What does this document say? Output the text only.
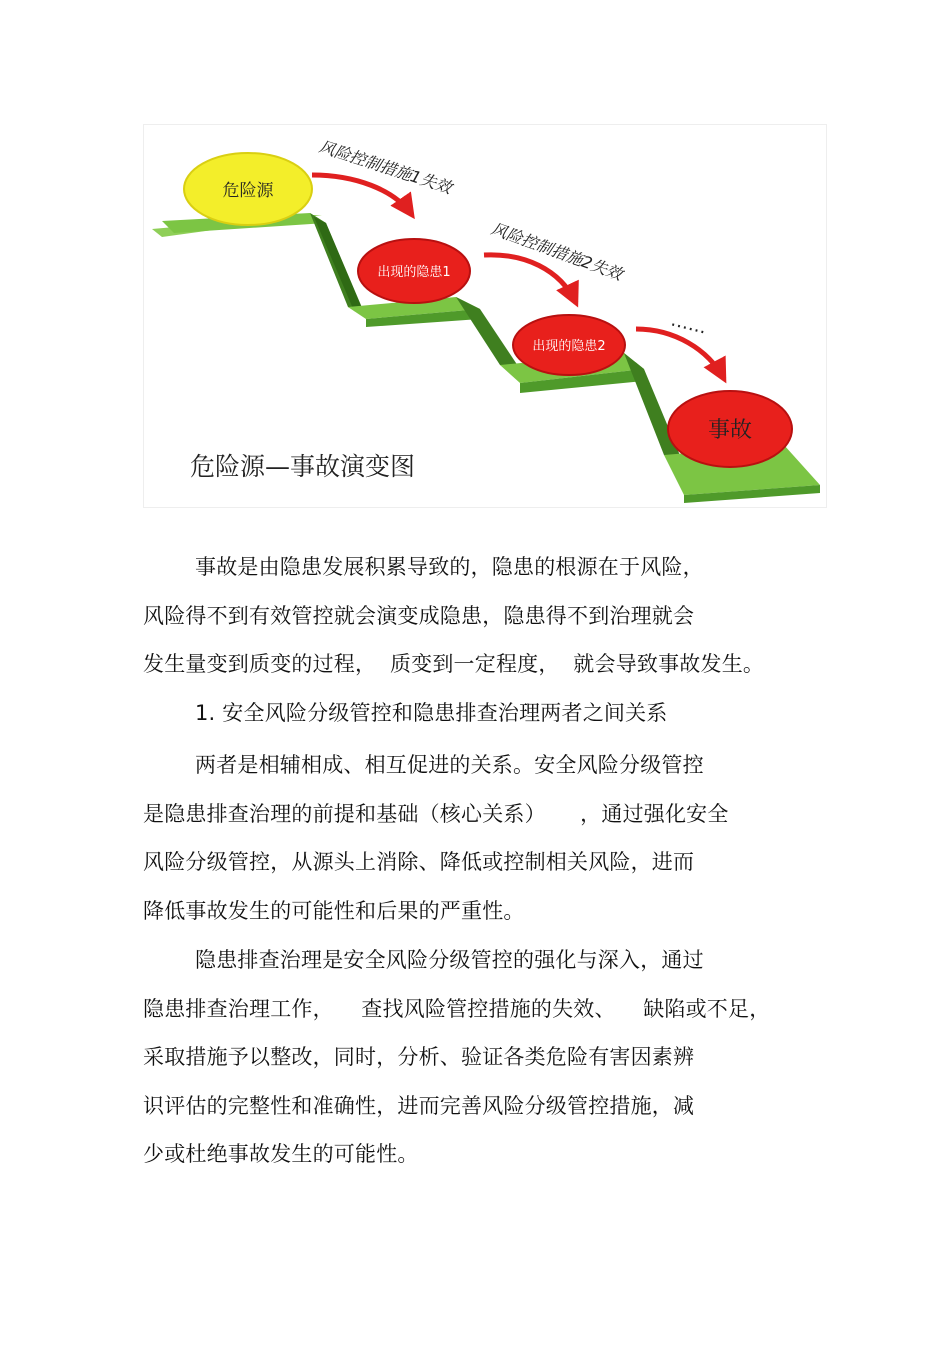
危险源
出现的隐患1
出现的隐患2
事故
风险控制措施1失效
风险控制措施2失效
……
危险源—事故演变图
事故是由隐患发展积累导致的，隐患的根源在于风险，
风险得不到有效管控就会演变成隐患，隐患得不到治理就会
发生量变到质变的过程，  质变到一定程度，  就会导致事故发生。
1. 安全风险分级管控和隐患排查治理两者之间关系
两者是相辅相成、相互促进的关系。安全风险分级管控
是隐患排查治理的前提和基础（核心关系）     ，通过强化安全
风险分级管控，从源头上消除、降低或控制相关风险，进而
降低事故发生的可能性和后果的严重性。
隐患排查治理是安全风险分级管控的强化与深入，通过
隐患排查治理工作，    查找风险管控措施的失效、    缺陷或不足，
采取措施予以整改，同时，分析、验证各类危险有害因素辨
识评估的完整性和准确性，进而完善风险分级管控措施，减
少或杜绝事故发生的可能性。
